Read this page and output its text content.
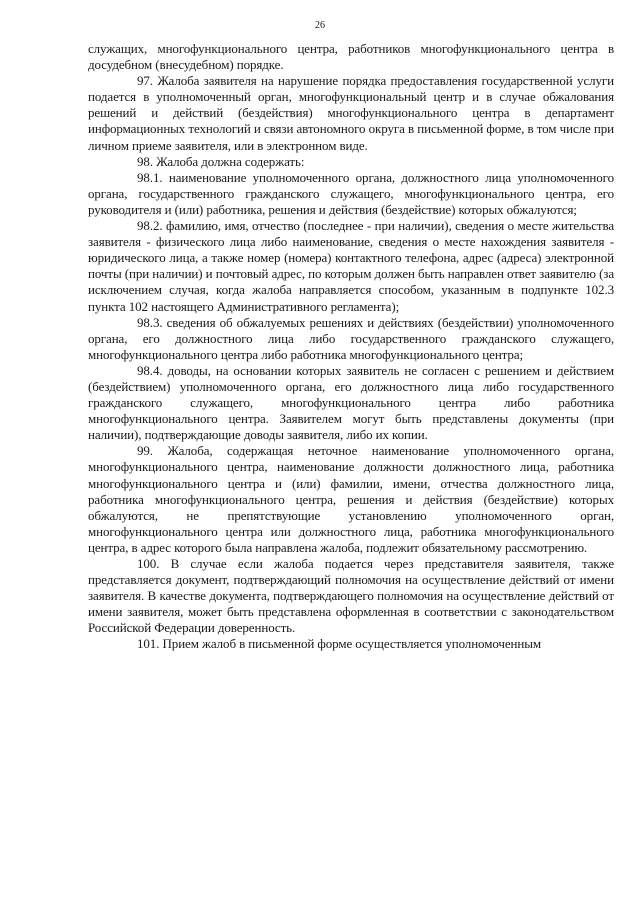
26

служащих, многофункционального центра, работников многофункционального центра в досудебном (внесудебном) порядке.

97. Жалоба заявителя на нарушение порядка предоставления государственной услуги подается в уполномоченный орган, многофункциональный центр и в случае обжалования решений и действий (бездействия) многофункционального центра в департамент информационных технологий и связи автономного округа в письменной форме, в том числе при личном приеме заявителя, или в электронном виде.

98. Жалоба должна содержать:

98.1. наименование уполномоченного органа, должностного лица уполномоченного органа, государственного гражданского служащего, многофункционального центра, его руководителя и (или) работника, решения и действия (бездействие) которых обжалуются;

98.2. фамилию, имя, отчество (последнее - при наличии), сведения о месте жительства заявителя - физического лица либо наименование, сведения о месте нахождения заявителя - юридического лица, а также номер (номера) контактного телефона, адрес (адреса) электронной почты (при наличии) и почтовый адрес, по которым должен быть направлен ответ заявителю (за исключением случая, когда жалоба направляется способом, указанным в подпункте 102.3 пункта 102 настоящего Административного регламента);

98.3. сведения об обжалуемых решениях и действиях (бездействии) уполномоченного органа, его должностного лица либо государственного гражданского служащего, многофункционального центра либо работника многофункционального центра;

98.4. доводы, на основании которых заявитель не согласен с решением и действием (бездействием) уполномоченного органа, его должностного лица либо государственного гражданского служащего, многофункционального центра либо работника многофункционального центра. Заявителем могут быть представлены документы (при наличии), подтверждающие доводы заявителя, либо их копии.

99. Жалоба, содержащая неточное наименование уполномоченного органа, многофункционального центра, наименование должности должностного лица, работника многофункционального центра и (или) фамилии, имени, отчества должностного лица, работника многофункционального центра, решения и действия (бездействие) которых обжалуются, не препятствующие установлению уполномоченного орган, многофункционального центра или должностного лица, работника многофункционального центра, в адрес которого была направлена жалоба, подлежит обязательному рассмотрению.

100. В случае если жалоба подается через представителя заявителя, также представляется документ, подтверждающий полномочия на осуществление действий от имени заявителя. В качестве документа, подтверждающего полномочия на осуществление действий от имени заявителя, может быть представлена оформленная в соответствии с законодательством Российской Федерации доверенность.

101. Прием жалоб в письменной форме осуществляется уполномоченным
